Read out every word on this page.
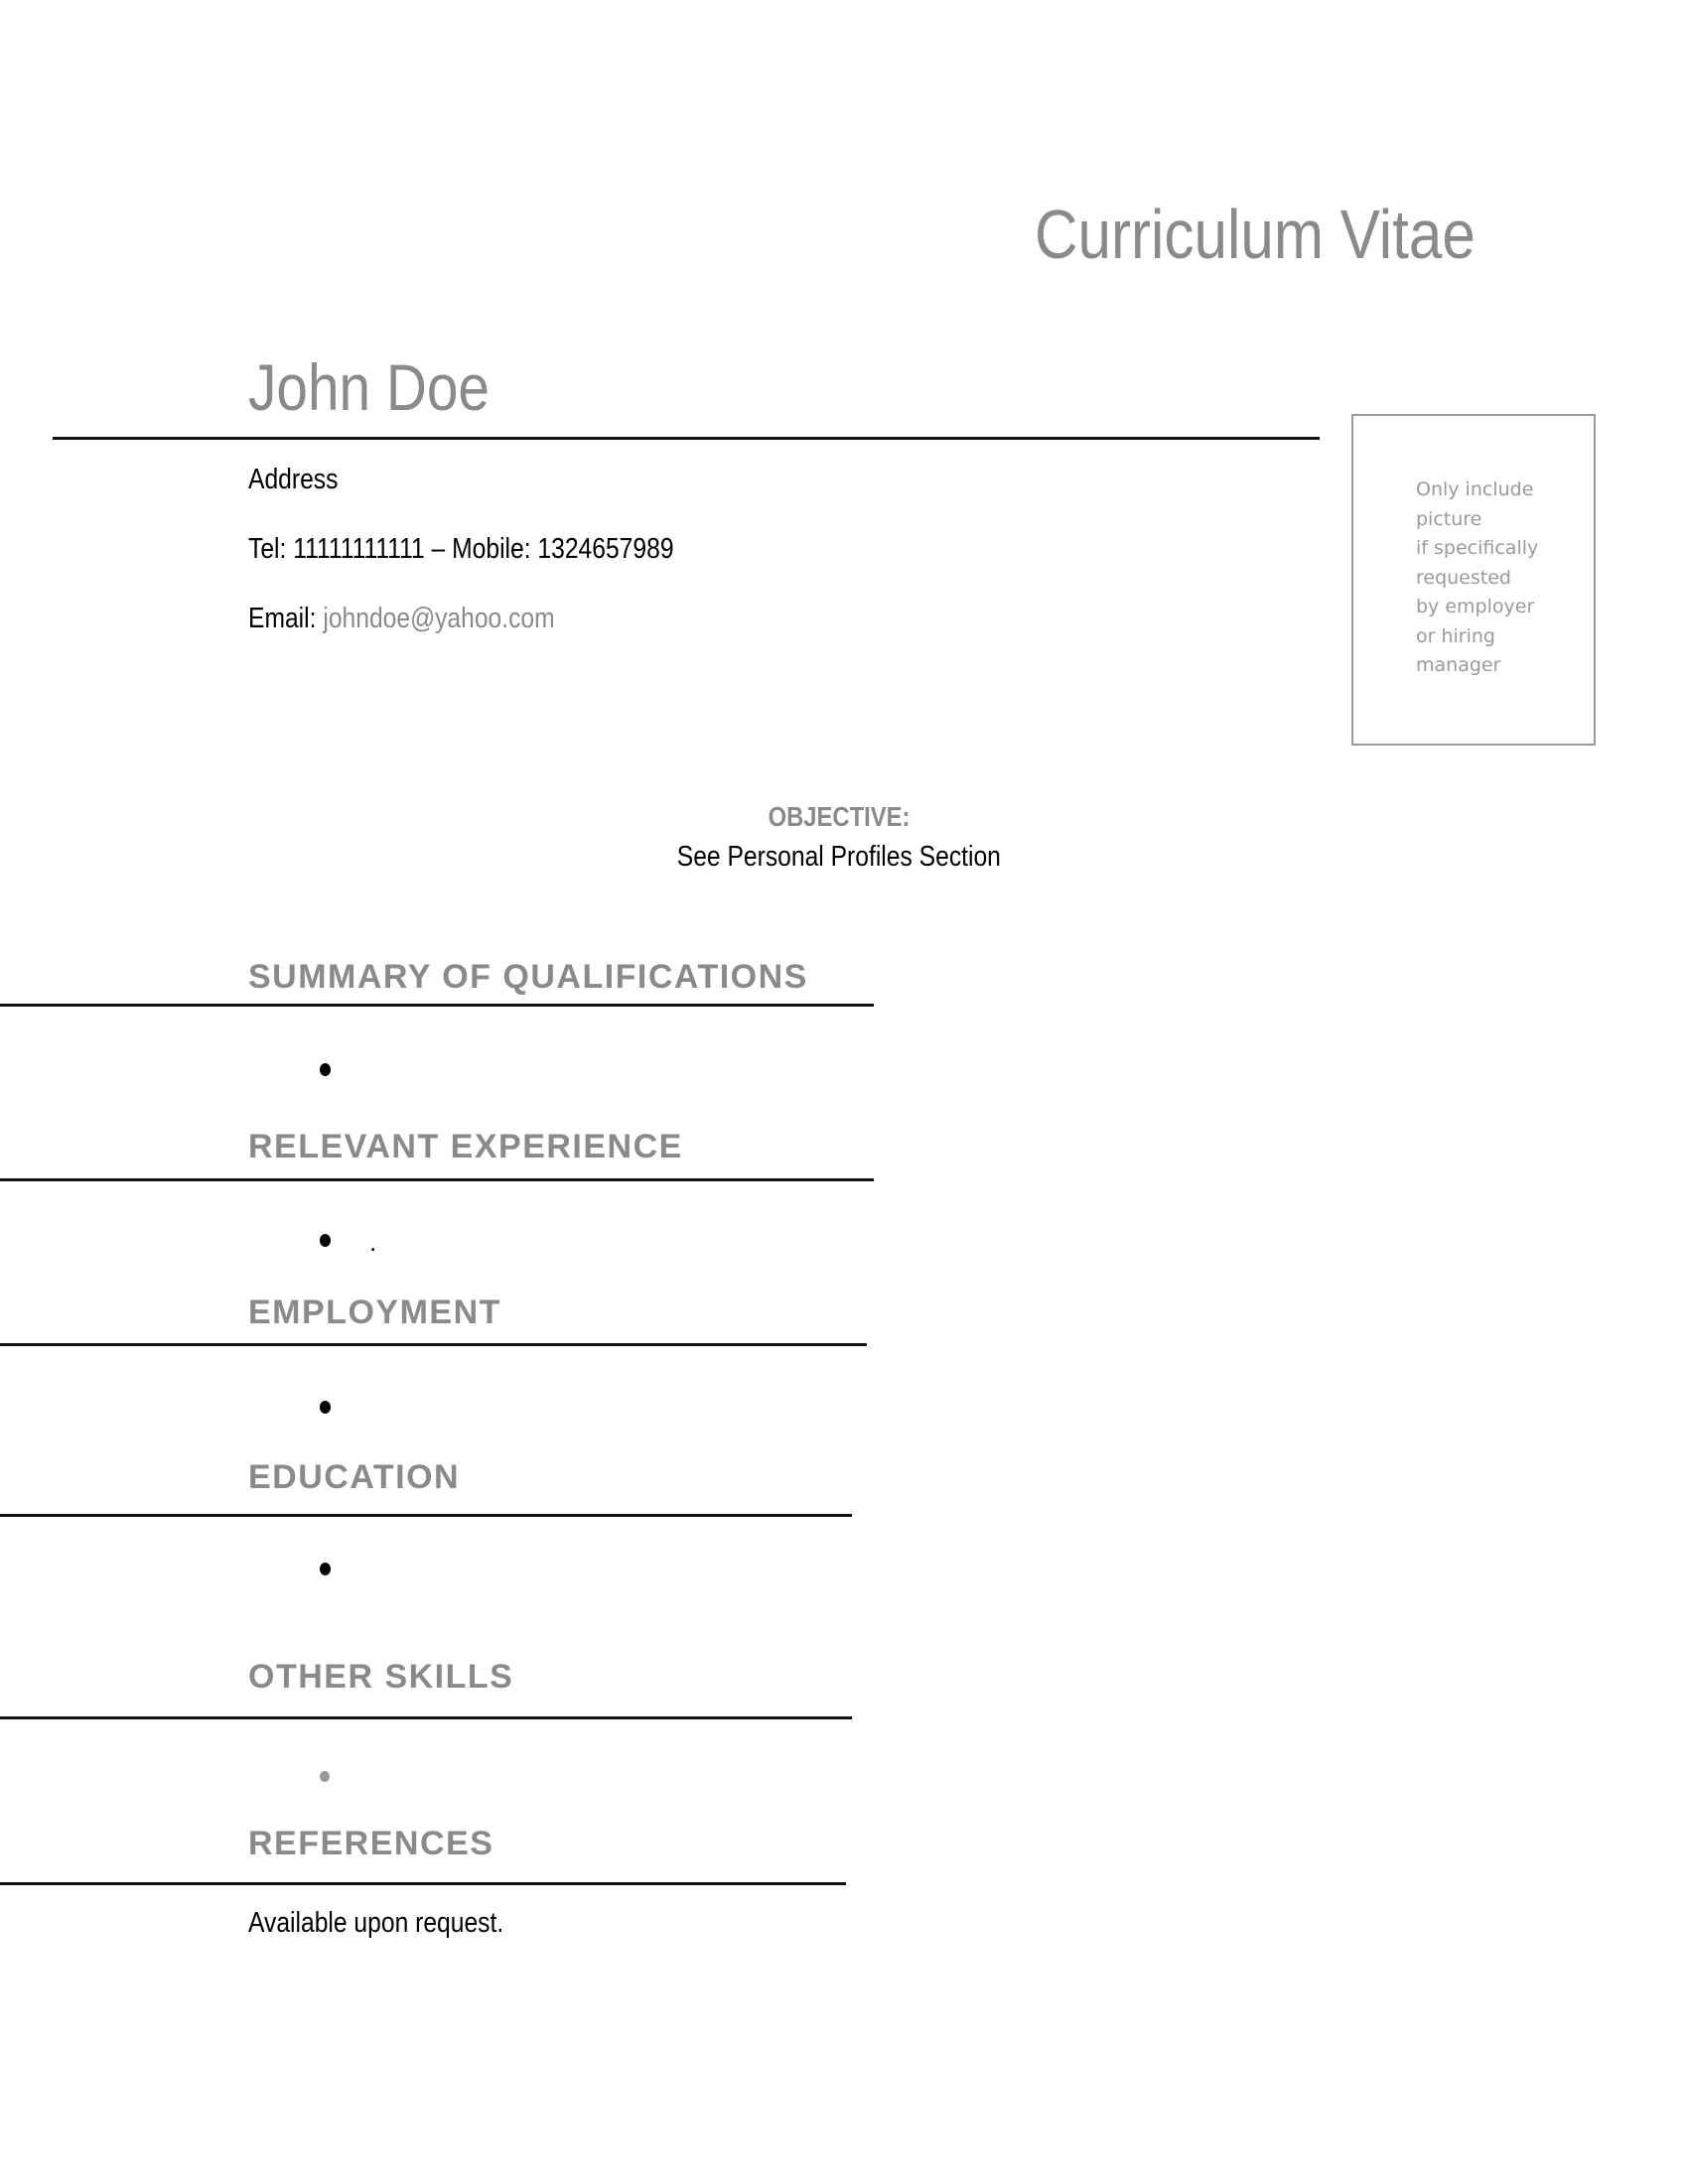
Curriculum Vitae
John Doe
Address
Tel: 11111111111 – Mobile: 1324657989
Email: johndoe@yahoo.com
Only include
picture
if specifically
requested
by employer
or hiring
manager
OBJECTIVE:
See Personal Profiles Section
SUMMARY OF QUALIFICATIONS
RELEVANT EXPERIENCE
.
EMPLOYMENT
EDUCATION
OTHER SKILLS
REFERENCES
Available upon request.
